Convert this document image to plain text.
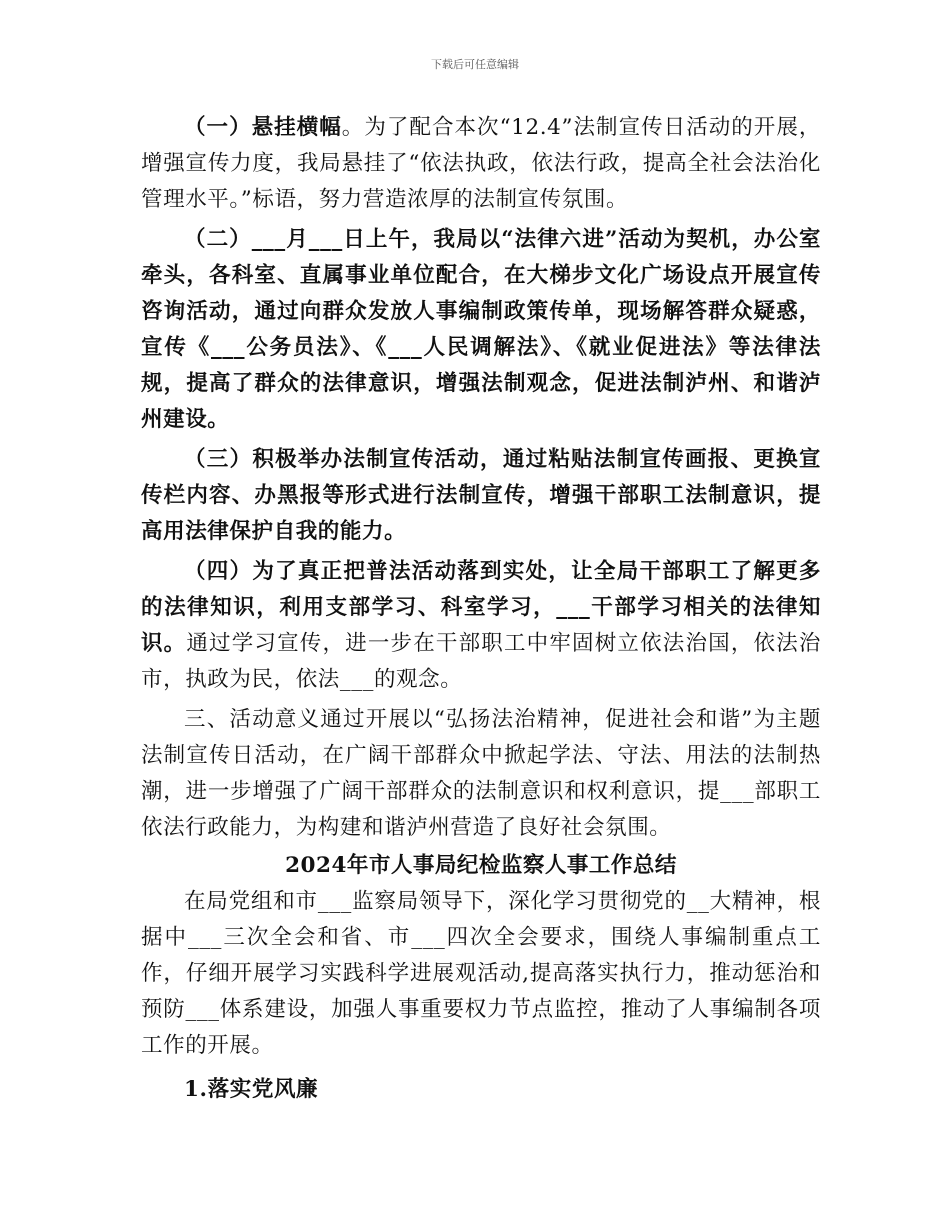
下载后可任意编辑

（一）悬挂横幅。为了配合本次“12.4”法制宣传日活动的开展，增强宣传力度，我局悬挂了“依法执政，依法行政，提高全社会法治化管理水平。”标语，努力营造浓厚的法制宣传氛围。

（二）___月___日上午，我局以“法律六进”活动为契机，办公室牵头，各科室、直属事业单位配合，在大梯步文化广场设点开展宣传咨询活动，通过向群众发放人事编制政策传单，现场解答群众疑惑，宣传《___公务员法》、《___人民调解法》、《就业促进法》等法律法规，提高了群众的法律意识，增强法制观念，促进法制泸州、和谐泸州建设。

（三）积极举办法制宣传活动，通过粘贴法制宣传画报、更换宣传栏内容、办黑报等形式进行法制宣传，增强干部职工法制意识，提高用法律保护自我的能力。

（四）为了真正把普法活动落到实处，让全局干部职工了解更多的法律知识，利用支部学习、科室学习，___干部学习相关的法律知识。通过学习宣传，进一步在干部职工中牢固树立依法治国，依法治市，执政为民，依法___的观念。

三、活动意义通过开展以“弘扬法治精神，促进社会和谐”为主题法制宣传日活动，在广阔干部群众中掀起学法、守法、用法的法制热潮，进一步增强了广阔干部群众的法制意识和权利意识，提___部职工依法行政能力，为构建和谐泸州营造了良好社会氛围。

2024年市人事局纪检监察人事工作总结

在局党组和市___监察局领导下，深化学习贯彻党的__大精神，根据中___三次全会和省、市___四次全会要求，围绕人事编制重点工作，仔细开展学习实践科学进展观活动,提高落实执行力，推动惩治和预防___体系建设，加强人事重要权力节点监控，推动了人事编制各项工作的开展。

1.落实党风廉
